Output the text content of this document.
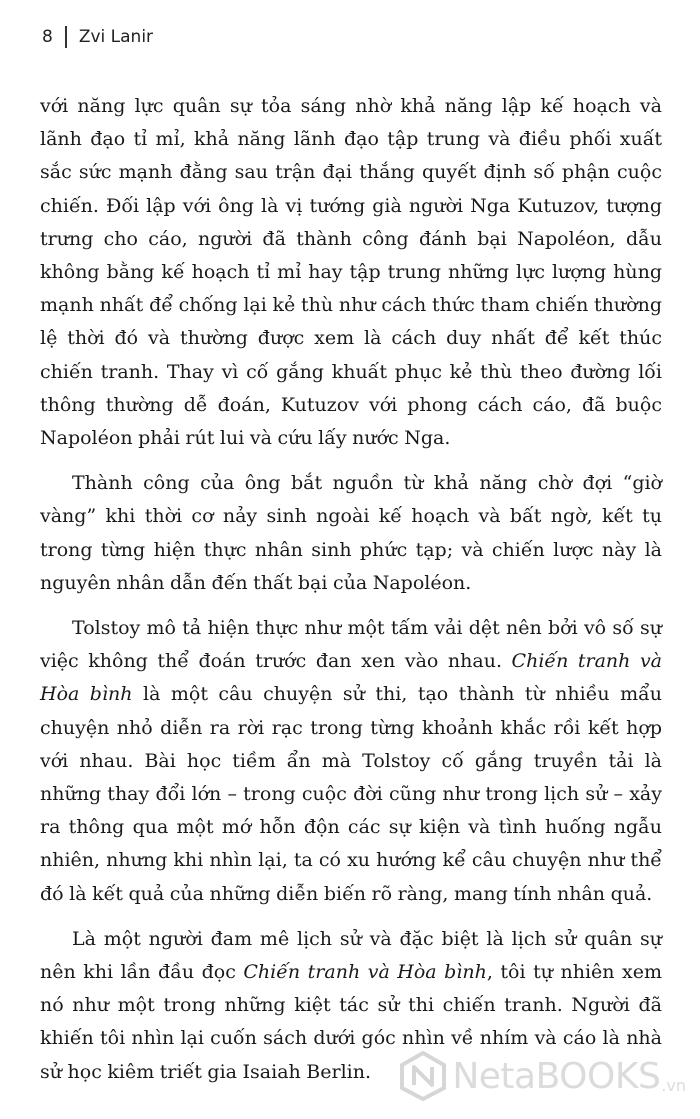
8 Zvi Lanir

với năng lực quân sự tỏa sáng nhờ khả năng lập kế hoạch và lãnh đạo tỉ mỉ, khả năng lãnh đạo tập trung và điều phối xuất sắc sức mạnh đằng sau trận đại thắng quyết định số phận cuộc chiến. Đối lập với ông là vị tướng già người Nga Kutuzov, tượng trưng cho cáo, người đã thành công đánh bại Napoléon, dẫu không bằng kế hoạch tỉ mỉ hay tập trung những lực lượng hùng mạnh nhất để chống lại kẻ thù như cách thức tham chiến thường lệ thời đó và thường được xem là cách duy nhất để kết thúc chiến tranh. Thay vì cố gắng khuất phục kẻ thù theo đường lối thông thường dễ đoán, Kutuzov với phong cách cáo, đã buộc Napoléon phải rút lui và cứu lấy nước Nga.

Thành công của ông bắt nguồn từ khả năng chờ đợi “giờ vàng” khi thời cơ nảy sinh ngoài kế hoạch và bất ngờ, kết tụ trong từng hiện thực nhân sinh phức tạp; và chiến lược này là nguyên nhân dẫn đến thất bại của Napoléon.

Tolstoy mô tả hiện thực như một tấm vải dệt nên bởi vô số sự việc không thể đoán trước đan xen vào nhau. Chiến tranh và Hòa bình là một câu chuyện sử thi, tạo thành từ nhiều mẩu chuyện nhỏ diễn ra rời rạc trong từng khoảnh khắc rồi kết hợp với nhau. Bài học tiềm ẩn mà Tolstoy cố gắng truyền tải là những thay đổi lớn – trong cuộc đời cũng như trong lịch sử – xảy ra thông qua một mớ hỗn độn các sự kiện và tình huống ngẫu nhiên, nhưng khi nhìn lại, ta có xu hướng kể câu chuyện như thể đó là kết quả của những diễn biến rõ ràng, mang tính nhân quả.

Là một người đam mê lịch sử và đặc biệt là lịch sử quân sự nên khi lần đầu đọc Chiến tranh và Hòa bình, tôi tự nhiên xem nó như một trong những kiệt tác sử thi chiến tranh. Người đã khiến tôi nhìn lại cuốn sách dưới góc nhìn về nhím và cáo là nhà sử học kiêm triết gia Isaiah Berlin.	NetaBOOKS .vn
